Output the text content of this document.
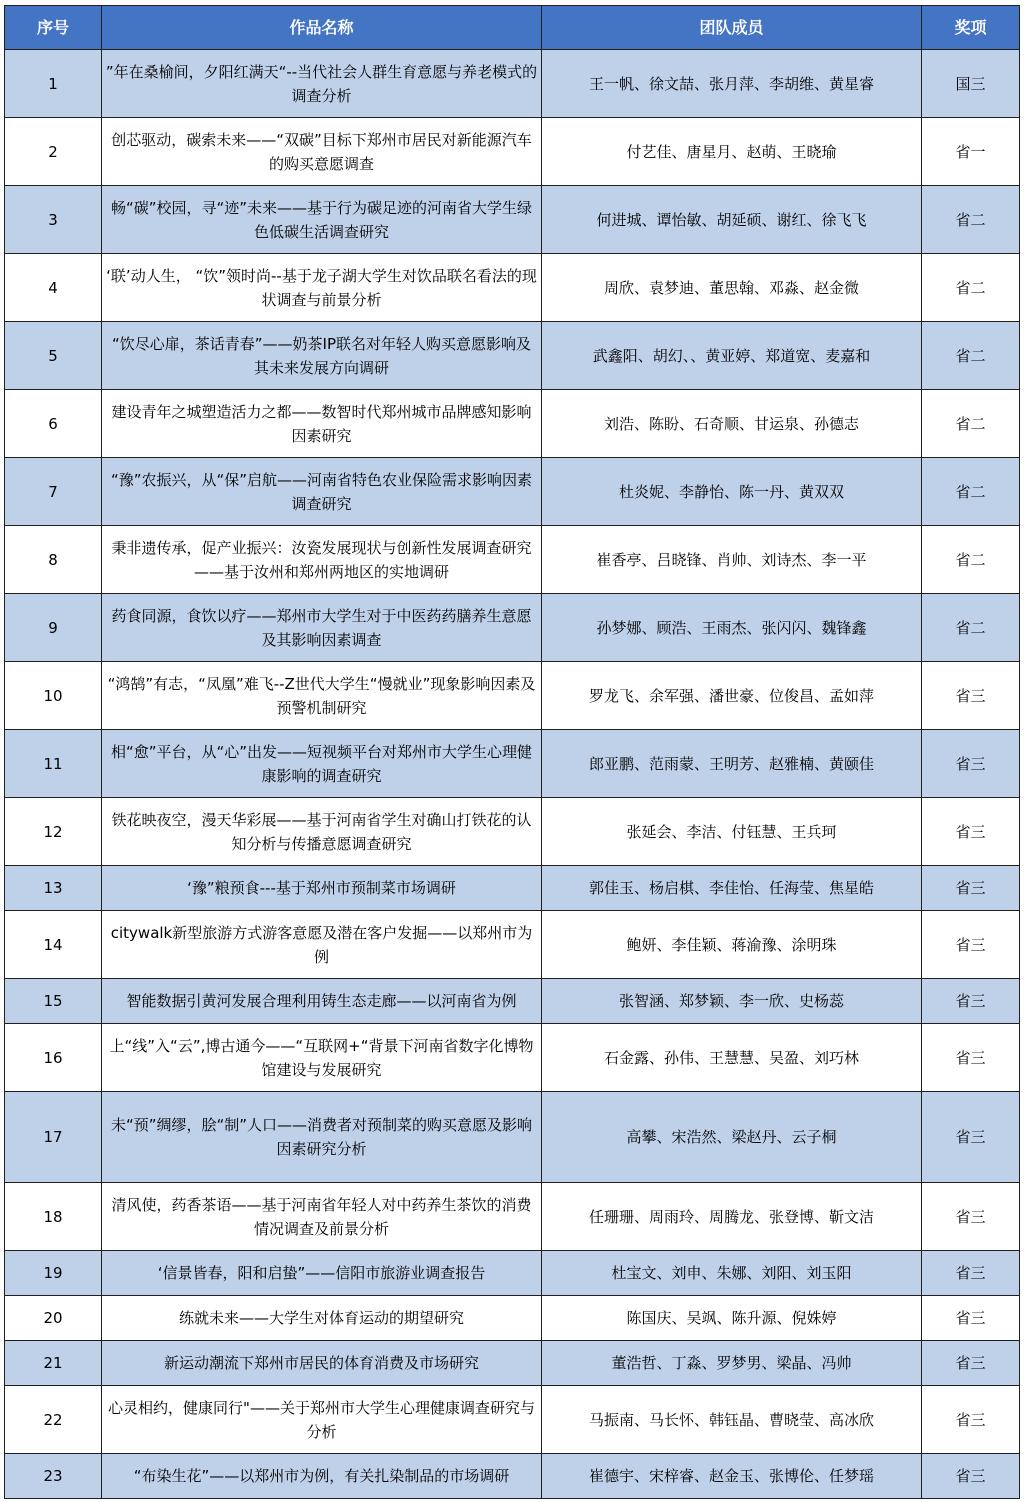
序号	作品名称	团队成员	奖项
1	”年在桑榆间，夕阳红满天“--当代社会人群生育意愿与养老模式的调查分析	王一帆、徐文喆、张月萍、李胡维、黄星睿	国三
2	创芯驱动，碳索未来——“双碳”目标下郑州市居民对新能源汽车的购买意愿调查	付艺佳、唐星月、赵萌、王晓瑜	省一
3	畅“碳”校园，寻“迹”未来——基于行为碳足迹的河南省大学生绿色低碳生活调查研究	何进城、谭怡敏、胡延硕、谢红、徐飞飞	省二
4	‘联’动人生， “饮”领时尚--基于龙子湖大学生对饮品联名看法的现状调查与前景分析	周欣、袁梦迪、董思翰、邓淼、赵金微	省二
5	“饮尽心扉，茶话青春”——奶茶IP联名对年轻人购买意愿影响及其未来发展方向调研	武鑫阳、胡幻、、黄亚婷、郑道宽、麦嘉和	省二
6	建设青年之城塑造活力之都——数智时代郑州城市品牌感知影响因素研究	刘浩、陈盼、石奇顺、甘运泉、孙德志	省二
7	“豫”农振兴，从“保”启航——河南省特色农业保险需求影响因素调查研究	杜炎妮、李静怡、陈一丹、黄双双	省二
8	秉非遗传承，促产业振兴：汝瓷发展现状与创新性发展调查研究——基于汝州和郑州两地区的实地调研	崔香亭、吕晓锋、肖帅、刘诗杰、李一平	省二
9	药食同源，食饮以疗——郑州市大学生对于中医药药膳养生意愿及其影响因素调查	孙梦娜、顾浩、王雨杰、张闪闪、魏锋鑫	省二
10	“鸿鹄”有志，“凤凰”难飞--Z世代大学生“慢就业”现象影响因素及预警机制研究	罗龙飞、余军强、潘世豪、位俊昌、孟如萍	省三
11	相“愈”平台，从“心”出发——短视频平台对郑州市大学生心理健康影响的调查研究	郎亚鹏、范雨蒙、王明芳、赵雅楠、黄颐佳	省三
12	铁花映夜空，漫天华彩展——基于河南省学生对确山打铁花的认知分析与传播意愿调查研究	张延会、李洁、付钰慧、王兵珂	省三
13	‘豫”粮预食---基于郑州市预制菜市场调研	郭佳玉、杨启棋、李佳怡、任海莹、焦星皓	省三
14	citywalk新型旅游方式游客意愿及潜在客户发掘——以郑州市为例	鲍妍、李佳颖、蒋渝豫、涂明珠	省三
15	智能数据引黄河发展合理利用铸生态走廊——以河南省为例	张智涵、郑梦颖、李一欣、史杨蕊	省三
16	上“线”入“云”,博古通今——“互联网+“背景下河南省数字化博物馆建设与发展研究	石金露、孙伟、王慧慧、吴盈、刘巧林	省三
17	未“预”绸缪，脍“制”人口——消费者对预制菜的购买意愿及影响因素研究分析	高攀、宋浩然、梁赵丹、云子桐	省三
18	清风使，药香茶语——基于河南省年轻人对中药养生茶饮的消费情况调查及前景分析	任珊珊、周雨玲、周腾龙、张登博、靳文洁	省三
19	‘信景皆春，阳和启蛰”——信阳市旅游业调查报告	杜宝文、刘申、朱娜、刘阳、刘玉阳	省三
20	练就未来——大学生对体育运动的期望研究	陈国庆、吴飒、陈升源、倪姝婷	省三
21	新运动潮流下郑州市居民的体育消费及市场研究	董浩哲、丁淼、罗梦男、梁晶、冯帅	省三
22	心灵相约，健康同行"——关于郑州市大学生心理健康调查研究与分析	马振南、马长怀、韩钰晶、曹晓莹、高冰欣	省三
23	“布染生花”——以郑州市为例，有关扎染制品的市场调研	崔德宇、宋梓睿、赵金玉、张博伦、任梦瑶	省三
